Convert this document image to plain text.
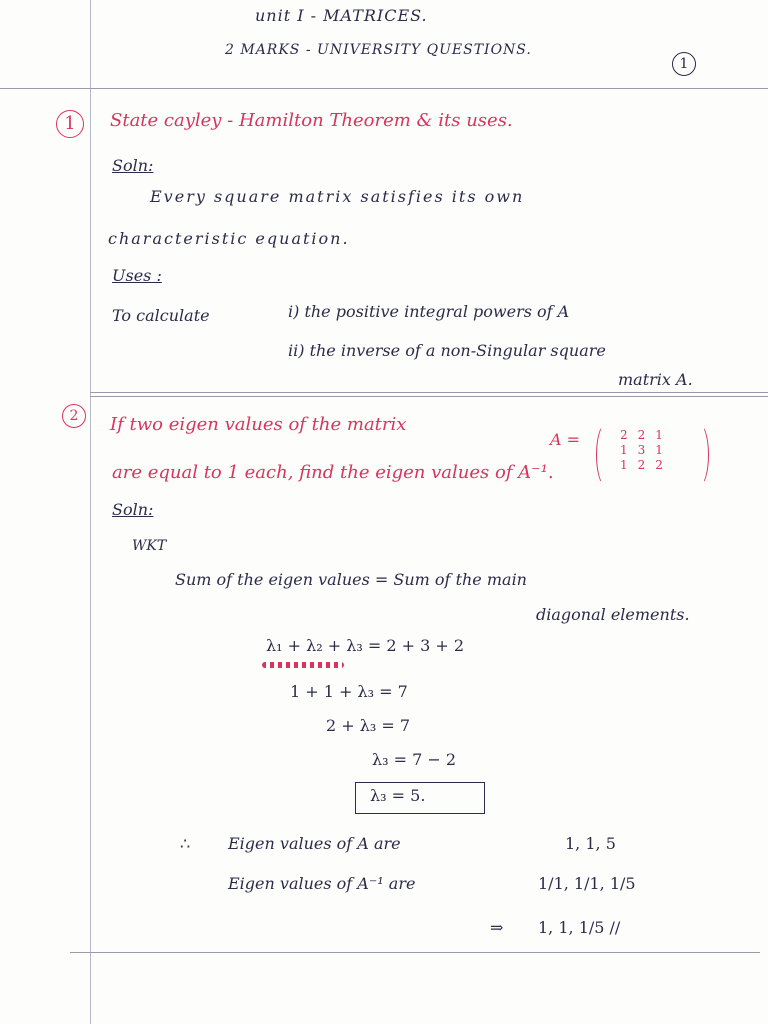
unit I - MATRICES.
2 MARKS - UNIVERSITY QUESTIONS.
1
1	State cayley - Hamilton Theorem & its uses.
Soln:
Every square matrix satisfies its own
characteristic equation.
Uses :
To calculate	i) the positive integral powers of A
ii) the inverse of a non-Singular square
matrix A.
2	If two eigen values of the matrix
A =	2 2 1
1 3 1
1 2 2
are equal to 1 each, find the eigen values of A⁻¹.
Soln:
WKT
Sum of the eigen values = Sum of the main
diagonal elements.
λ₁ + λ₂ + λ₃ = 2 + 3 + 2
1 + 1 + λ₃ = 7
2 + λ₃ = 7
λ₃ = 7 − 2
λ₃ = 5.
∴ Eigen values of A are	1, 1, 5
Eigen values of A⁻¹ are	1/1, 1/1, 1/5
⇒ 1, 1, 1/5 //
